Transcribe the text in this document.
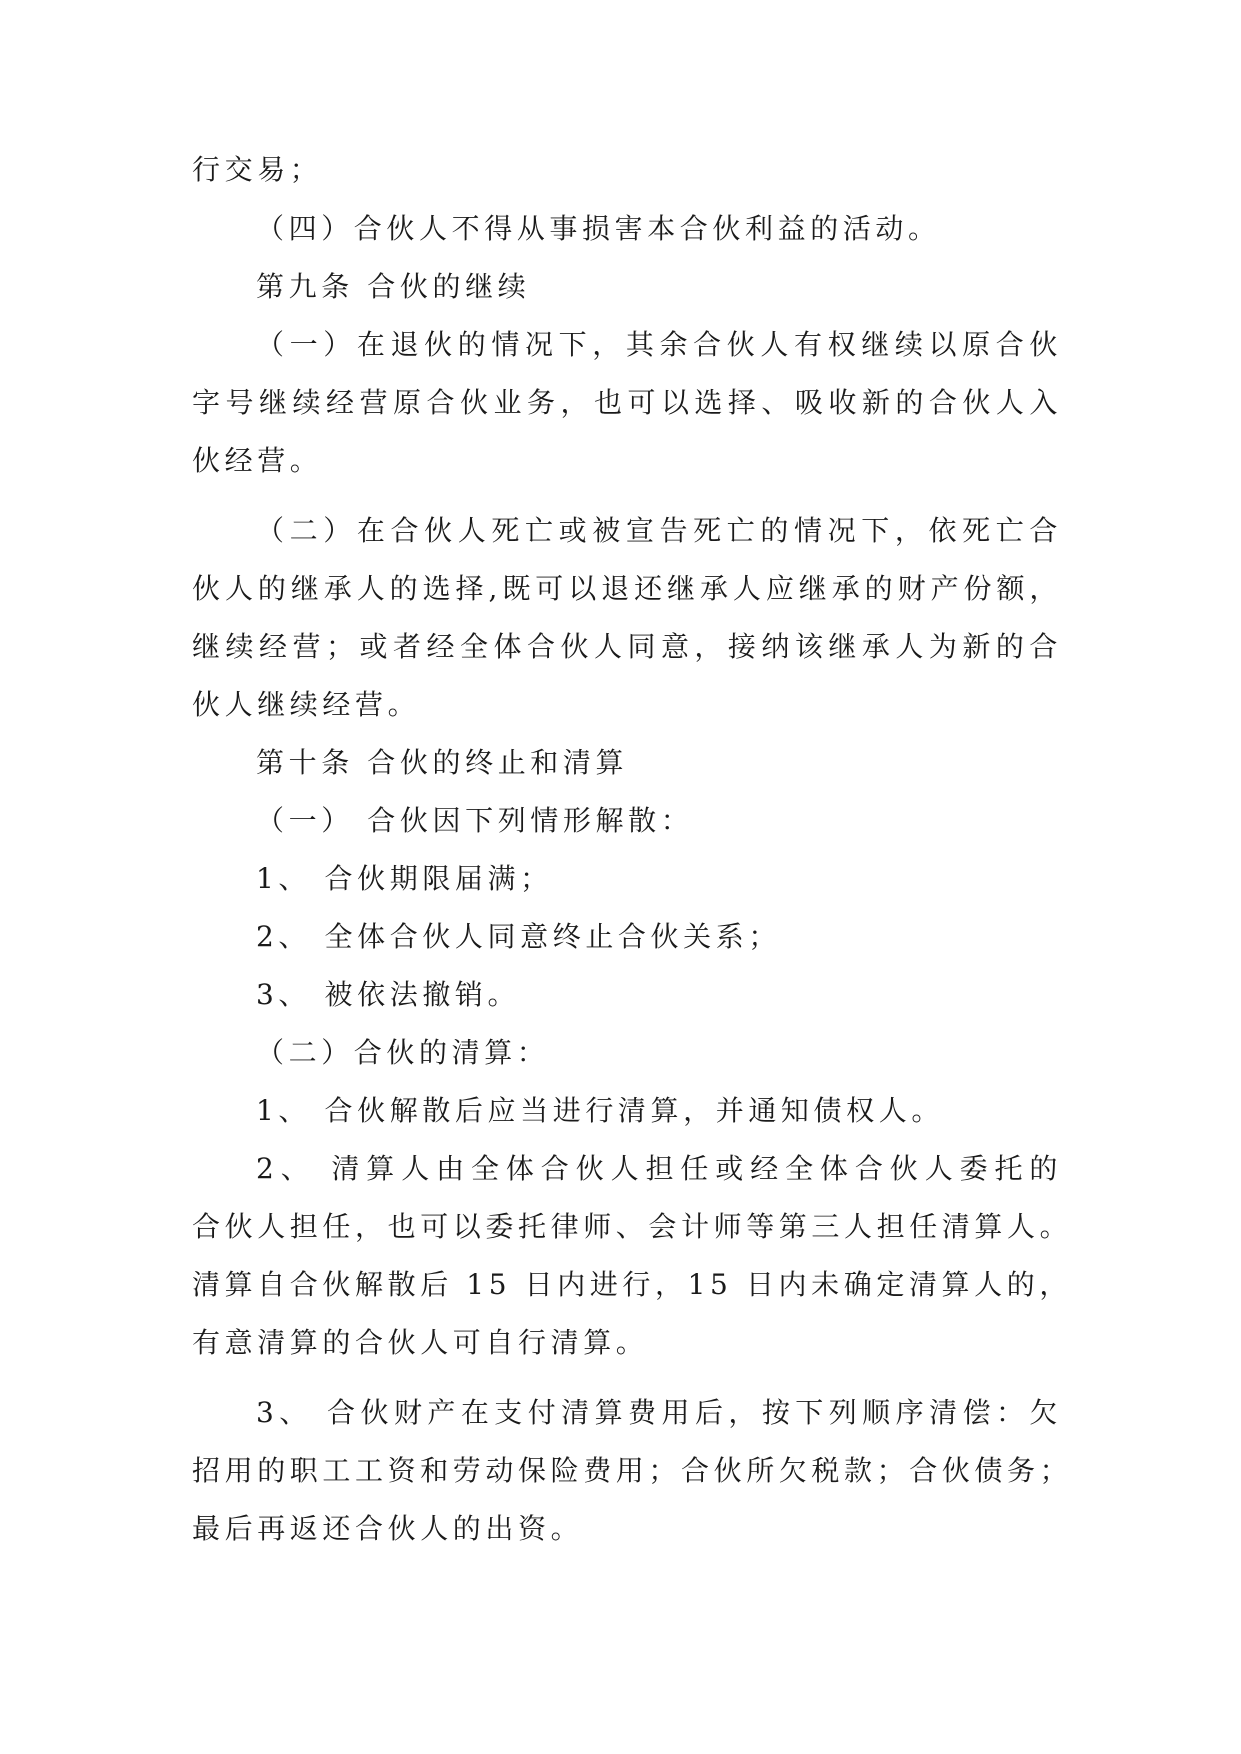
行交易；
（四）合伙人不得从事损害本合伙利益的活动。
第九条 合伙的继续
（一）在退伙的情况下，其余合伙人有权继续以原合伙
字号继续经营原合伙业务，也可以选择、吸收新的合伙人入
伙经营。
（二）在合伙人死亡或被宣告死亡的情况下，依死亡合
伙人的继承人的选择,既可以退还继承人应继承的财产份额，
继续经营；或者经全体合伙人同意，接纳该继承人为新的合
伙人继续经营。
第十条 合伙的终止和清算
（一） 合伙因下列情形解散：
1、 合伙期限届满；
2、 全体合伙人同意终止合伙关系；
3、 被依法撤销。
（二）合伙的清算：
1、 合伙解散后应当进行清算，并通知债权人。
2、 清算人由全体合伙人担任或经全体合伙人委托的
合伙人担任，也可以委托律师、会计师等第三人担任清算人。
清算自合伙解散后 15 日内进行，15 日内未确定清算人的，
有意清算的合伙人可自行清算。
3、 合伙财产在支付清算费用后，按下列顺序清偿：欠
招用的职工工资和劳动保险费用；合伙所欠税款；合伙债务；
最后再返还合伙人的出资。
